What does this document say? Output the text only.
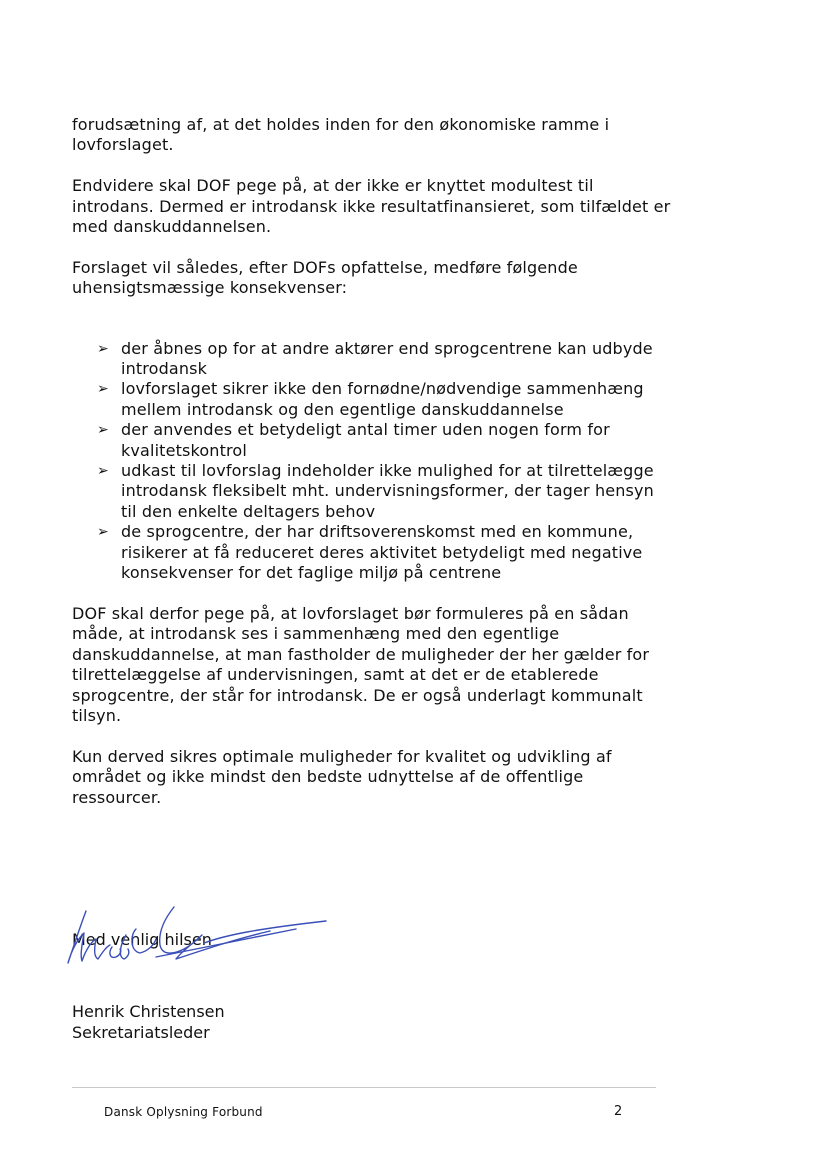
forudsætning af, at det holdes inden for den økonomiske ramme i lovforslaget.

Endvidere skal DOF pege på, at der ikke er knyttet modultest til introdans. Dermed er introdansk ikke resultatfinansieret, som tilfældet er med danskuddannelsen.

Forslaget vil således, efter DOFs opfattelse, medføre følgende uhensigtsmæssige konsekvenser:

➢ der åbnes op for at andre aktører end sprogcentrene kan udbyde introdansk
➢ lovforslaget sikrer ikke den fornødne/nødvendige sammenhæng mellem introdansk og den egentlige danskuddannelse
➢ der anvendes et betydeligt antal timer uden nogen form for kvalitetskontrol
➢ udkast til lovforslag indeholder ikke mulighed for at tilrettelægge introdansk fleksibelt mht. undervisningsformer, der tager hensyn til den enkelte deltagers behov
➢ de sprogcentre, der har driftsoverenskomst med en kommune, risikerer at få reduceret deres aktivitet betydeligt med negative konsekvenser for det faglige miljø på centrene

DOF skal derfor pege på, at lovforslaget bør formuleres på en sådan måde, at introdansk ses i sammenhæng med den egentlige danskuddannelse, at man fastholder de muligheder der her gælder for tilrettelæggelse af undervisningen, samt at det er de etablerede sprogcentre, der står for introdansk. De er også underlagt kommunalt tilsyn.

Kun derved sikres optimale muligheder for kvalitet og udvikling af området og ikke mindst den bedste udnyttelse af de offentlige ressourcer.

Med venlig hilsen
Henrik Christensen
Sekretariatsleder
Dansk Oplysning Forbund	2
